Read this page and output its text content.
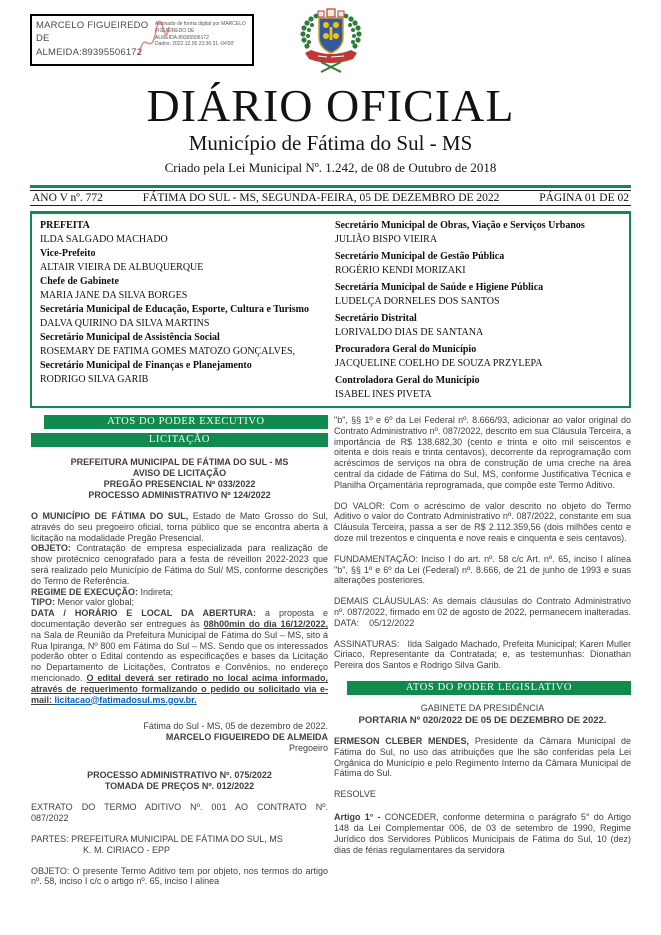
MARCELO FIGUEIREDO DE ALMEIDA:89395506172
Assinado de forma digital por MARCELO FIGUEIREDO DE ALMEIDA:89395506172
Dados: 2022.12.05 23:36:31 -04'00'
DIÁRIO OFICIAL
Município de Fátima do Sul - MS
Criado pela Lei Municipal Nº. 1.242, de 08 de Outubro de 2018
ANO V nº. 772	FÁTIMA DO SUL - MS, SEGUNDA-FEIRA, 05 DE DEZEMBRO DE 2022	PÁGINA 01 DE 02
PREFEITA
ILDA SALGADO MACHADO
Vice-Prefeito
ALTAIR VIEIRA DE ALBUQUERQUE
Chefe de Gabinete
MARIA JANE DA SILVA BORGES
Secretária Municipal de Educação, Esporte, Cultura e Turismo
DALVA QUIRINO DA SILVA MARTINS
Secretário Municipal de Assistência Social
ROSEMARY DE FATIMA GOMES MATOZO GONÇALVES,
Secretário Municipal de Finanças e Planejamento
RODRIGO SILVA GARIB
Secretário Municipal de Obras, Viação e Serviços Urbanos
JULIÃO BISPO VIEIRA
Secretário Municipal de Gestão Pública
ROGÉRIO KENDI MORIZAKI
Secretária Municipal de Saúde e Higiene Pública
LUDELÇA DORNELES DOS SANTOS
Secretário Distrital
LORIVALDO DIAS DE SANTANA
Procuradora Geral do Município
JACQUELINE COELHO DE SOUZA PRZYLEPA
Controladora Geral do Município
ISABEL INES PIVETA
ATOS DO PODER EXECUTIVO
LICITAÇÃO
PREFEITURA MUNICIPAL DE FÁTIMA DO SUL - MS
AVISO DE LICITAÇÃO
PREGÃO PRESENCIAL Nº 033/2022
PROCESSO ADMINISTRATIVO Nº 124/2022

O MUNICÍPIO DE FÁTIMA DO SUL, Estado de Mato Grosso do Sul, através do seu pregoeiro oficial, torna público que se encontra aberta à licitação na modalidade Pregão Presencial.

OBJETO: Contratação de empresa especializada para realização de show pirotécnico cenografado para a festa de réveillon 2022-2023 que será realizado pelo Município de Fátima do Sul/ MS, conforme descrições do Termo de Referência.

REGIME DE EXECUÇÃO: Indireta;

TIPO: Menor valor global;

DATA / HORÁRIO E LOCAL DA ABERTURA: a proposta e documentação deverão ser entregues às 08h00min do dia 16/12/2022, na Sala de Reunião da Prefeitura Municipal de Fátima do Sul – MS, sito á Rua Ipiranga, Nº 800 em Fátima do Sul – MS. Sendo que os interessados poderão obter o Edital contendo as especificações e bases da Licitação no Departamento de Licitações, Contratos e Convênios, no endereço mencionado. O edital deverá ser retirado no local acima informado, através de requerimento formalizando o pedido ou solicitado via e-mail: licitacao@fatimadosul.ms.gov.br.

Fátima do Sul - MS, 05 de dezembro de 2022.
MARCELO FIGUEIREDO DE ALMEIDA
Pregoeiro
PROCESSO ADMINISTRATIVO Nº. 075/2022
TOMADA DE PREÇOS Nº. 012/2022
EXTRATO DO TERMO ADITIVO Nº. 001 AO CONTRATO Nº.
087/2022
PARTES: PREFEITURA MUNICIPAL DE FÁTIMA DO SUL, MS
K. M. CIRIACO - EPP

OBJETO: O presente Termo Aditivo tem por objeto, nos termos do artigo nº. 58, inciso I c/c o artigo nº. 65, inciso I alinea

"b", §§ 1º e 6º da Lei Federal nº. 8.666/93, adicionar ao valor original do Contrato Administrativo nº. 087/2022, descrito em sua Cláusula Terceira, a importância de R$ 138.682,30 (cento e trinta e oito mil seiscentos e oitenta e dois reais e trinta centavos), decorrente da reprogramação com acréscimos de serviços na obra de construção de uma creche na área central da cidade de Fátima do Sul, MS, conforme Justificativa Técnica e Planilha Orçamentária reprogramada, que compõe este Termo Aditivo.

DO VALOR: Com o acréscimo de valor descrito no objeto do Termo Aditivo o valor do Contrato Administrativo nº. 087/2022, constante em sua Cláusula Terceira, passa a ser de R$ 2.112.359,56 (dois milhões cento e doze mil trezentos e cinquenta e nove reais e cinquenta e seis centavos).

FUNDAMENTAÇÃO: Inciso I do art. nº. 58 c/c Art. nº. 65, inciso I alínea "b", §§ 1º e 6º da Lei (Federal) nº. 8.666, de 21 de junho de 1993 e suas alterações posteriores.

DEMAIS CLÁUSULAS: As demais cláusulas do Contrato Administrativo nº. 087/2022, firmado em 02 de agosto de 2022, permanecem inalteradas.

DATA:    05/12/2022

ASSINATURAS:   Ilda Salgado Machado, Prefeita Municipal; Karen Muller Ciriaco, Representante da Contratada; e, as testemunhas: Dionathan Pereira dos Santos e Rodrigo Silva Garib.

ATOS DO PODER LEGISLATIVO
GABINETE DA PRESIDÊNCIA
PORTARIA Nº 020/2022 DE 05 DE DEZEMBRO DE 2022.

ERMESON CLEBER MENDES, Presidente da Câmara Municipal de Fátima do Sul, no uso das atribuições que lhe são conferidas pela Lei Orgânica do Município e pelo Regimento Interno da Câmara Municipal de Fátima do Sul.

RESOLVE

Artigo 1° - CONCEDER, conforme determina o parágrafo 5° do Artigo 148 da Lei Complementar 006, de 03 de setembro de 1990, Regime Jurídico dos Servidores Públicos Municipais de Fátima do Sul, 10 (dez) dias de férias regulamentares da servidora
